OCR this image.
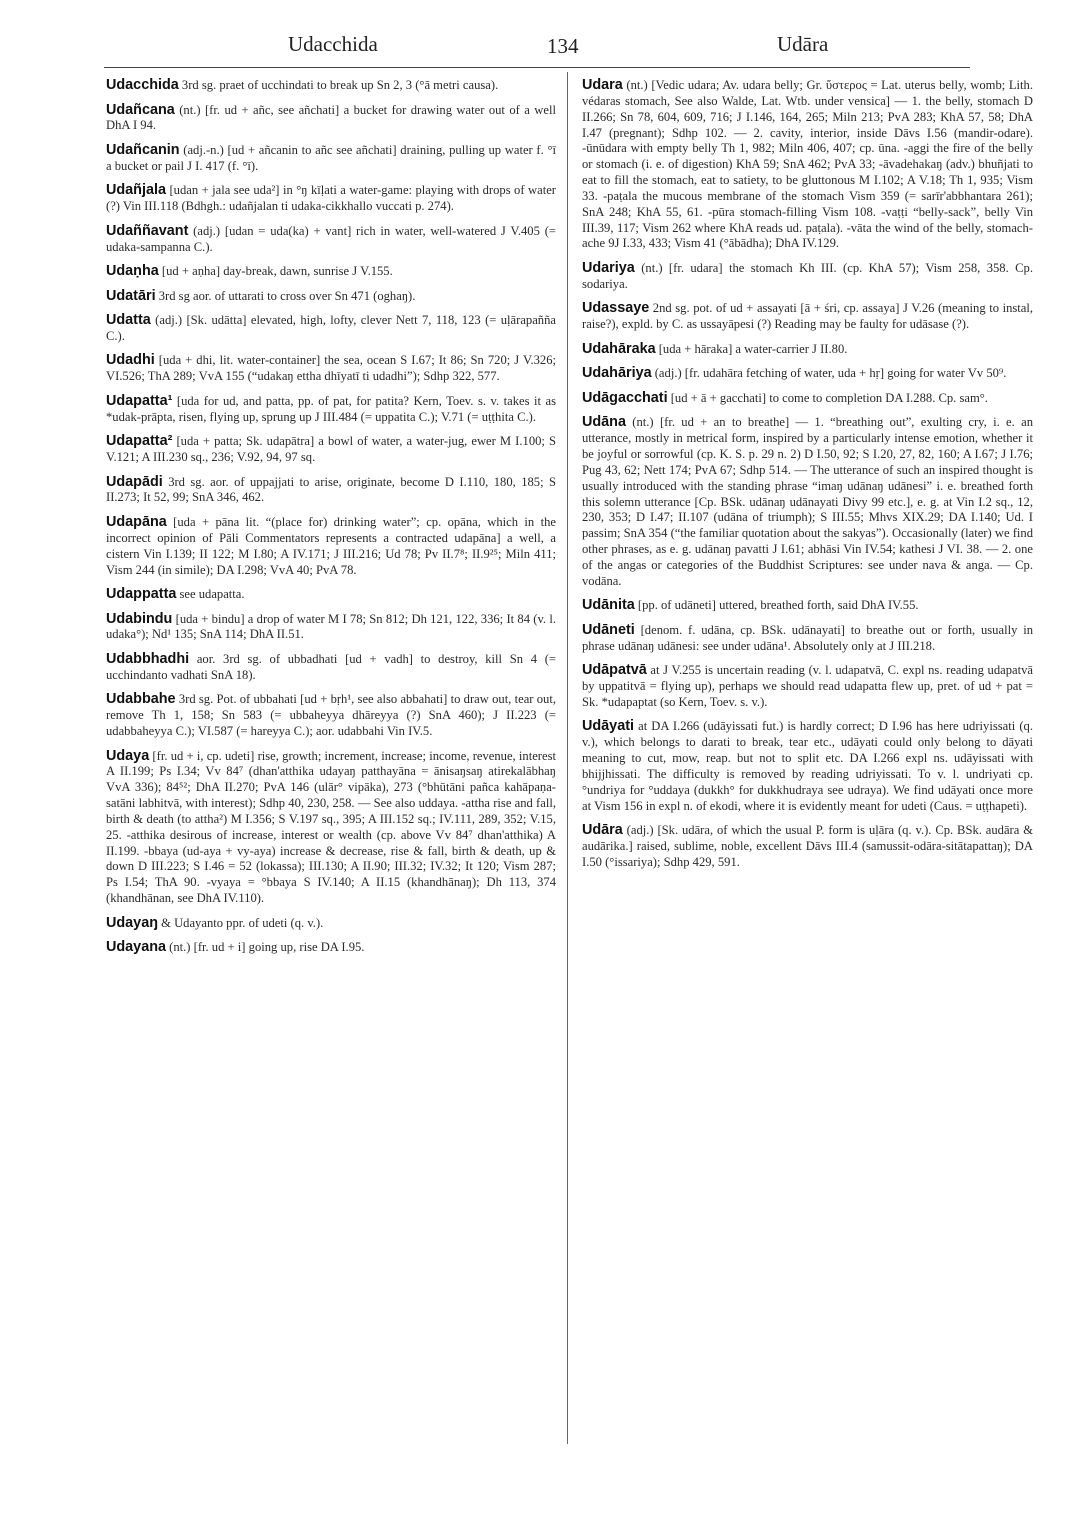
Udacchida	134	Udāra

Udacchida 3rd sg. praet of ucchindati to break up Sn 2, 3 (°ā metri causa).

Udañcana (nt.) [fr. ud + añc, see añchati] a bucket for drawing water out of a well DhA I 94.

Udañcanin (adj.-n.) [ud + añcanin to añc see añchati] draining, pulling up water f. °ī a bucket or pail J I. 417 (f. °ī).

Udañjala [udan + jala see uda²] in °ŋ kīḷati a water-game: playing with drops of water (?) Vin III.118 (Bdhgh.: udañjalan ti udaka-cikkhallo vuccati p. 274).

Udaññavant (adj.) [udan = uda(ka) + vant] rich in water, well-watered J V.405 (= udaka-sampanna C.).

Udaṇha [ud + aṇha] day-break, dawn, sunrise J V.155.

Udatāri 3rd sg aor. of uttarati to cross over Sn 471 (oghaŋ).

Udatta (adj.) [Sk. udātta] elevated, high, lofty, clever Nett 7, 118, 123 (= uḷārapañña C.).

Udadhi [uda + dhi, lit. water-container] the sea, ocean S I.67; It 86; Sn 720; J V.326; VI.526; ThA 289; VvA 155 (“udakaŋ ettha dhīyatī ti udadhi”); Sdhp 322, 577.

Udapatta¹ [uda for ud, and patta, pp. of pat, for patita? Kern, Toev. s. v. takes it as *udak-prāpta, risen, flying up, sprung up J III.484 (= uppatita C.); V.71 (= uṭṭhita C.).

Udapatta² [uda + patta; Sk. udapātra] a bowl of water, a water-jug, ewer M I.100; S V.121; A III.230 sq., 236; V.92, 94, 97 sq.

Udapādi 3rd sg. aor. of uppajjati to arise, originate, become D I.110, 180, 185; S II.273; It 52, 99; SnA 346, 462.

Udapāna [uda + pāna lit. “(place for) drinking water”; cp. opāna, which in the incorrect opinion of Pāli Commentators represents a contracted udapāna] a well, a cistern Vin I.139; II 122; M I.80; A IV.171; J III.216; Ud 78; Pv II.7⁸; II.9²⁵; Miln 411; Vism 244 (in simile); DA I.298; VvA 40; PvA 78.

Udappatta see udapatta.

Udabindu [uda + bindu] a drop of water M I 78; Sn 812; Dh 121, 122, 336; It 84 (v. l. udaka°); Nd¹ 135; SnA 114; DhA II.51.

Udabbhadhi aor. 3rd sg. of ubbadhati [ud + vadh] to destroy, kill Sn 4 (= ucchindanto vadhati SnA 18).

Udabbahe 3rd sg. Pot. of ubbahati [ud + bṛh¹, see also abbahati] to draw out, tear out, remove Th 1, 158; Sn 583 (= ubbaheyya dhāreyya (?) SnA 460); J II.223 (= udabbaheyya C.); VI.587 (= hareyya C.); aor. udabbahi Vin IV.5.

Udaya [fr. ud + i, cp. udeti] rise, growth; increment, increase; income, revenue, interest A II.199; Ps I.34; Vv 84⁷ (dhan'atthika udayaŋ patthayāna = ānisaŋsaŋ atirekalābhaŋ VvA 336); 84⁵²; DhA II.270; PvA 146 (ulār° vipāka), 273 (°bhūtāni pañca kahāpaṇa-satāni labhitvā, with interest); Sdhp 40, 230, 258. — See also uddaya. -attha rise and fall, birth & death (to attha²) M I.356; S V.197 sq., 395; A III.152 sq.; IV.111, 289, 352; V.15, 25. -atthika desirous of increase, interest or wealth (cp. above Vv 84⁷ dhan'atthika) A II.199. -bbaya (ud-aya + vy-aya) increase & decrease, rise & fall, birth & death, up & down D III.223; S I.46 = 52 (lokassa); III.130; A II.90; III.32; IV.32; It 120; Vism 287; Ps I.54; ThA 90. -vyaya = °bbaya S IV.140; A II.15 (khandhānaŋ); Dh 113, 374 (khandhānan, see DhA IV.110).

Udayaŋ & Udayanto ppr. of udeti (q. v.).

Udayana (nt.) [fr. ud + i] going up, rise DA I.95.

Udara (nt.) [Vedic udara; Av. udara belly; Gr. ὕστερος = Lat. uterus belly, womb; Lith. védaras stomach, See also Walde, Lat. Wtb. under vensica] — 1. the belly, stomach D II.266; Sn 78, 604, 609, 716; J I.146, 164, 265; Miln 213; PvA 283; KhA 57, 58; DhA I.47 (pregnant); Sdhp 102. — 2. cavity, interior, inside Dāvs I.56 (mandir-odare). -ūnūdara with empty belly Th 1, 982; Miln 406, 407; cp. ūna. -aggi the fire of the belly or stomach (i. e. of digestion) KhA 59; SnA 462; PvA 33; -āvadehakaŋ (adv.) bhuñjati to eat to fill the stomach, eat to satiety, to be gluttonous M I.102; A V.18; Th 1, 935; Vism 33. -paṭala the mucous membrane of the stomach Vism 359 (= sarīr'abbhantara 261); SnA 248; KhA 55, 61. -pūra stomach-filling Vism 108. -vaṭṭi “belly-sack”, belly Vin III.39, 117; Vism 262 where KhA reads ud. paṭala). -vāta the wind of the belly, stomach-ache 9J I.33, 433; Vism 41 (°ābādha); DhA IV.129.

Udariya (nt.) [fr. udara] the stomach Kh III. (cp. KhA 57); Vism 258, 358. Cp. sodariya.

Udassaye 2nd sg. pot. of ud + assayati [ā + śri, cp. assaya] J V.26 (meaning to instal, raise?), expld. by C. as ussayāpesi (?) Reading may be faulty for udāsase (?).

Udahāraka [uda + hāraka] a water-carrier J II.80.

Udahāriya (adj.) [fr. udahāra fetching of water, uda + hṛ] going for water Vv 50⁹.

Udāgacchati [ud + ā + gacchati] to come to completion DA I.288. Cp. sam°.

Udāna (nt.) [fr. ud + an to breathe] — 1. “breathing out”, exulting cry, i. e. an utterance, mostly in metrical form, inspired by a particularly intense emotion, whether it be joyful or sorrowful (cp. K. S. p. 29 n. 2) D I.50, 92; S I.20, 27, 82, 160; A I.67; J I.76; Pug 43, 62; Nett 174; PvA 67; Sdhp 514. — The utterance of such an inspired thought is usually introduced with the standing phrase “imaŋ udānaŋ udānesi” i. e. breathed forth this solemn utterance [Cp. BSk. udānaŋ udānayati Divy 99 etc.], e. g. at Vin I.2 sq., 12, 230, 353; D I.47; II.107 (udāna of triumph); S III.55; Mhvs XIX.29; DA I.140; Ud. I passim; SnA 354 (“the familiar quotation about the sakyas”). Occasionally (later) we find other phrases, as e. g. udānaŋ pavatti J I.61; abhāsi Vin IV.54; kathesi J VI. 38. — 2. one of the angas or categories of the Buddhist Scriptures: see under nava & anga. — Cp. vodāna.

Udānita [pp. of udāneti] uttered, breathed forth, said DhA IV.55.

Udāneti [denom. f. udāna, cp. BSk. udānayati] to breathe out or forth, usually in phrase udānaŋ udānesi: see under udāna¹. Absolutely only at J III.218.

Udāpatvā at J V.255 is uncertain reading (v. l. udapatvā, C. expl ns. reading udapatvā by uppatitvā = flying up), perhaps we should read udapatta flew up, pret. of ud + pat = Sk. *udapaptat (so Kern, Toev. s. v.).

Udāyati at DA I.266 (udāyissati fut.) is hardly correct; D I.96 has here udriyissati (q. v.), which belongs to darati to break, tear etc., udāyati could only belong to dāyati meaning to cut, mow, reap. but not to split etc. DA I.266 expl ns. udāyissati with bhijjhissati. The difficulty is removed by reading udriyissati. To v. l. undriyati cp. °undriya for °uddaya (dukkh° for dukkhudraya see udraya). We find udāyati once more at Vism 156 in expl n. of ekodi, where it is evidently meant for udeti (Caus. = uṭṭhapeti).

Udāra (adj.) [Sk. udāra, of which the usual P. form is uḷāra (q. v.). Cp. BSk. audāra & audārika.] raised, sublime, noble, excellent Dāvs III.4 (samussit-odāra-sitātapattaŋ); DA I.50 (°issariya); Sdhp 429, 591.
